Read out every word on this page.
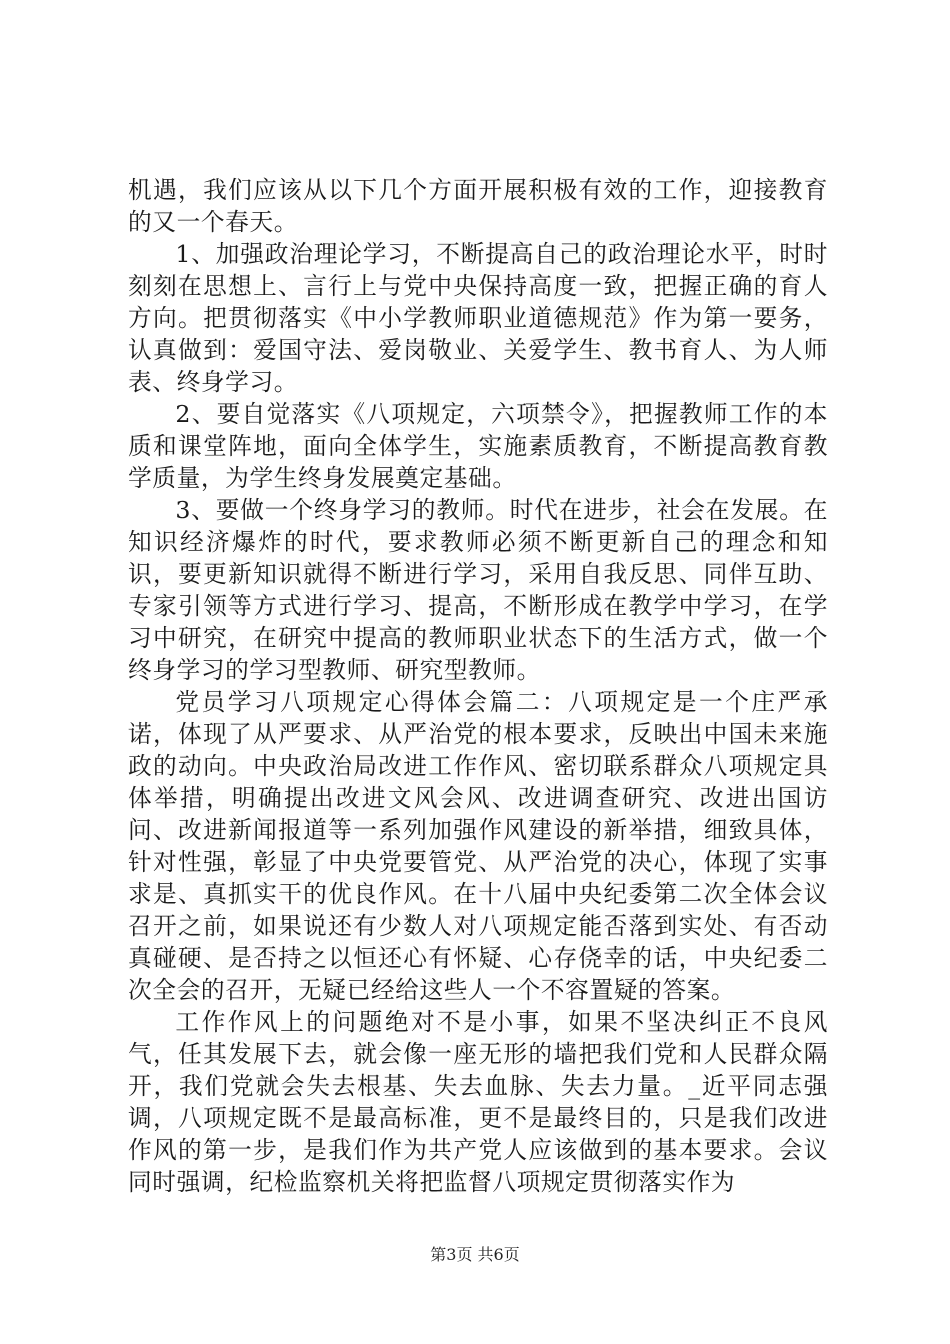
机遇，我们应该从以下几个方面开展积极有效的工作，迎接教育的又一个春天。

1、加强政治理论学习，不断提高自己的政治理论水平，时时刻刻在思想上、言行上与党中央保持高度一致，把握正确的育人方向。把贯彻落实《中小学教师职业道德规范》作为第一要务，认真做到：爱国守法、爱岗敬业、关爱学生、教书育人、为人师表、终身学习。

2、要自觉落实《八项规定，六项禁令》，把握教师工作的本质和课堂阵地，面向全体学生，实施素质教育，不断提高教育教学质量，为学生终身发展奠定基础。

3、要做一个终身学习的教师。时代在进步，社会在发展。在知识经济爆炸的时代，要求教师必须不断更新自己的理念和知识，要更新知识就得不断进行学习，采用自我反思、同伴互助、专家引领等方式进行学习、提高，不断形成在教学中学习，在学习中研究，在研究中提高的教师职业状态下的生活方式，做一个终身学习的学习型教师、研究型教师。

党员学习八项规定心得体会篇二：八项规定是一个庄严承诺，体现了从严要求、从严治党的根本要求，反映出中国未来施政的动向。中央政治局改进工作作风、密切联系群众八项规定具体举措，明确提出改进文风会风、改进调查研究、改进出国访问、改进新闻报道等一系列加强作风建设的新举措，细致具体，针对性强，彰显了中央党要管党、从严治党的决心，体现了实事求是、真抓实干的优良作风。在十八届中央纪委第二次全体会议召开之前，如果说还有少数人对八项规定能否落到实处、有否动真碰硬、是否持之以恒还心有怀疑、心存侥幸的话，中央纪委二次全会的召开，无疑已经给这些人一个不容置疑的答案。

工作作风上的问题绝对不是小事，如果不坚决纠正不良风气，任其发展下去，就会像一座无形的墙把我们党和人民群众隔开，我们党就会失去根基、失去血脉、失去力量。_近平同志强调，八项规定既不是最高标准，更不是最终目的，只是我们改进作风的第一步，是我们作为共产党人应该做到的基本要求。会议同时强调，纪检监察机关将把监督八项规定贯彻落实作为

第3页 共6页
